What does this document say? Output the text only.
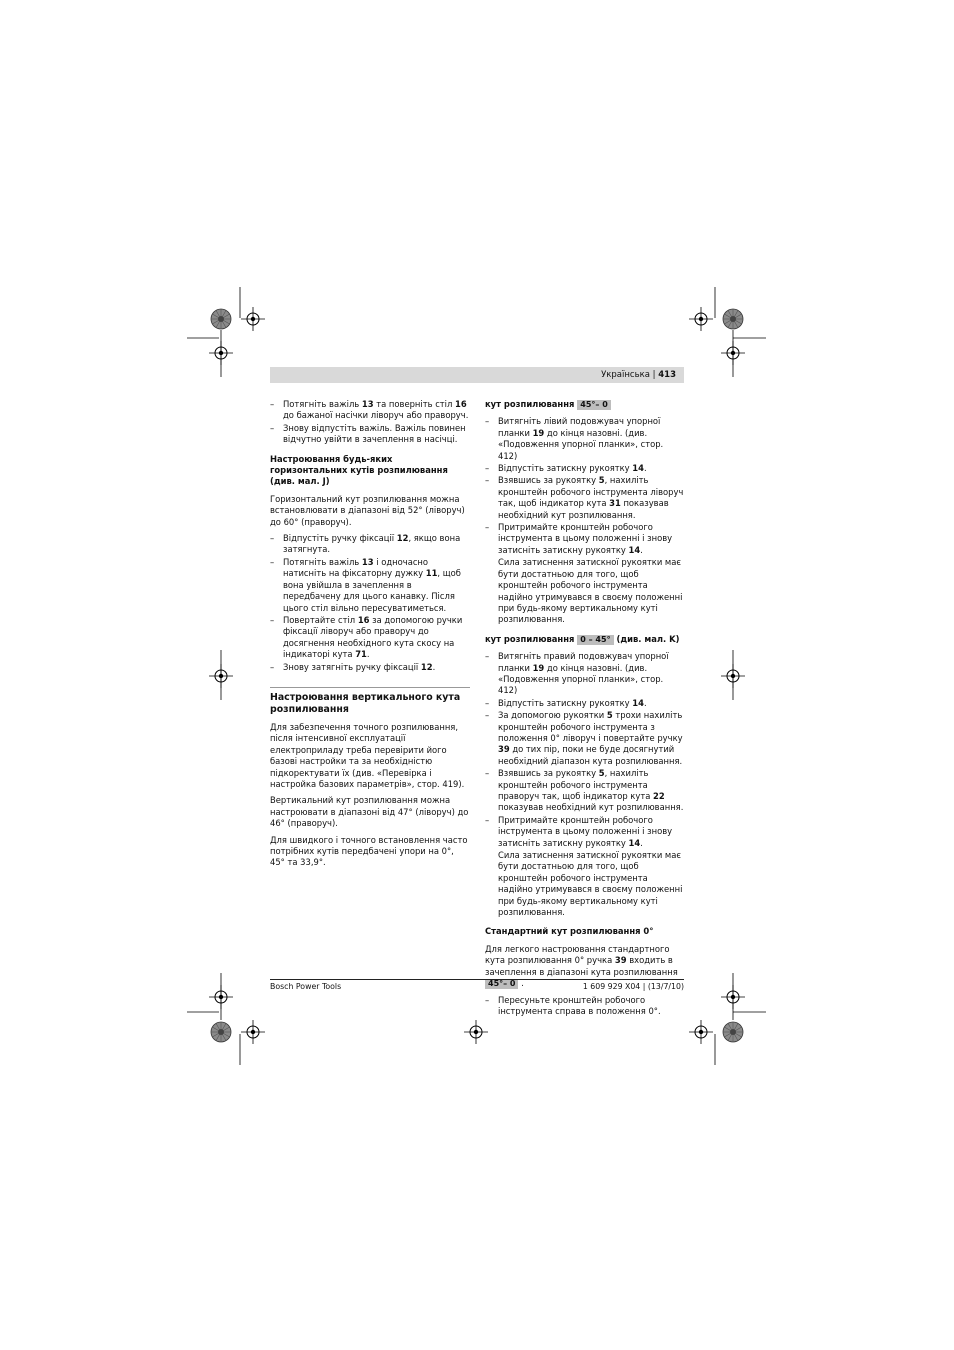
Українська | 413
– Потягніть важіль 13 та поверніть стіл 16 до бажаної насічки ліворуч або праворуч.
– Знову відпустіть важіль. Важіль повинен відчутно увійти в зачеплення в насічці.
Настроювання будь-яких горизонтальних кутів розпилювання (див. мал. J)
Горизонтальний кут розпилювання можна встановлювати в діапазоні від 52° (ліворуч) до 60° (праворуч).
– Відпустіть ручку фіксації 12, якщо вона затягнута.
– Потягніть важіль 13 і одночасно натисніть на фіксаторну дужку 11, щоб вона увійшла в зачеплення в передбачену для цього канавку. Після цього стіл вільно пересуватиметься.
– Повертайте стіл 16 за допомогою ручки фіксації ліворуч або праворуч до досягнення необхідного кута скосу на індикаторі кута 71.
– Знову затягніть ручку фіксації 12.
Настроювання вертикального кута розпилювання
Для забезпечення точного розпилювання, після інтенсивної експлуатації електроприладу треба перевірити його базові настройки та за необхідністю підкоректувати їх (див. «Перевірка і настройка базових параметрів», стор. 419).
Вертикальний кут розпилювання можна настроювати в діапазоні від 47° (ліворуч) до 46° (праворуч).
Для швидкого і точного встановлення часто потрібних кутів передбачені упори на 0°, 45° та 33,9°.
кут розпилювання 45°– 0
– Витягніть лівий подовжувач упорної планки 19 до кінця назовні. (див. «Подовження упорної планки», стор. 412)
– Відпустіть затискну рукоятку 14.
– Взявшись за рукоятку 5, нахиліть кронштейн робочого інструмента ліворуч так, щоб індикатор кута 31 показував необхідний кут розпилювання.
– Притримайте кронштейн робочого інструмента в цьому положенні і знову затисніть затискну рукоятку 14.
Сила затиснення затискної рукоятки має бути достатньою для того, щоб кронштейн робочого інструмента надійно утримувався в своєму положенні при будь-якому вертикальному куті розпилювання.
кут розпилювання 0 – 45° (див. мал. K)
– Витягніть правий подовжувач упорної планки 19 до кінця назовні. (див. «Подовження упорної планки», стор. 412)
– Відпустіть затискну рукоятку 14.
– За допомогою рукоятки 5 трохи нахиліть кронштейн робочого інструмента з положення 0° ліворуч і повертайте ручку 39 до тих пір, поки не буде досягнутий необхідний діапазон кута розпилювання.
– Взявшись за рукоятку 5, нахиліть кронштейн робочого інструмента праворуч так, щоб індикатор кута 22 показував необхідний кут розпилювання.
– Притримайте кронштейн робочого інструмента в цьому положенні і знову затисніть затискну рукоятку 14.
Сила затиснення затискної рукоятки має бути достатньою для того, щоб кронштейн робочого інструмента надійно утримувався в своєму положенні при будь-якому вертикальному куті розпилювання.
Стандартний кут розпилювання 0°
Для легкого настроювання стандартного кута розпилювання 0° ручка 39 входить в зачеплення в діапазоні кута розпилювання
45°– 0 .
– Пересуньте кронштейн робочого інструмента справа в положення 0°.
Bosch Power Tools	1 609 929 X04 | (13/7/10)
